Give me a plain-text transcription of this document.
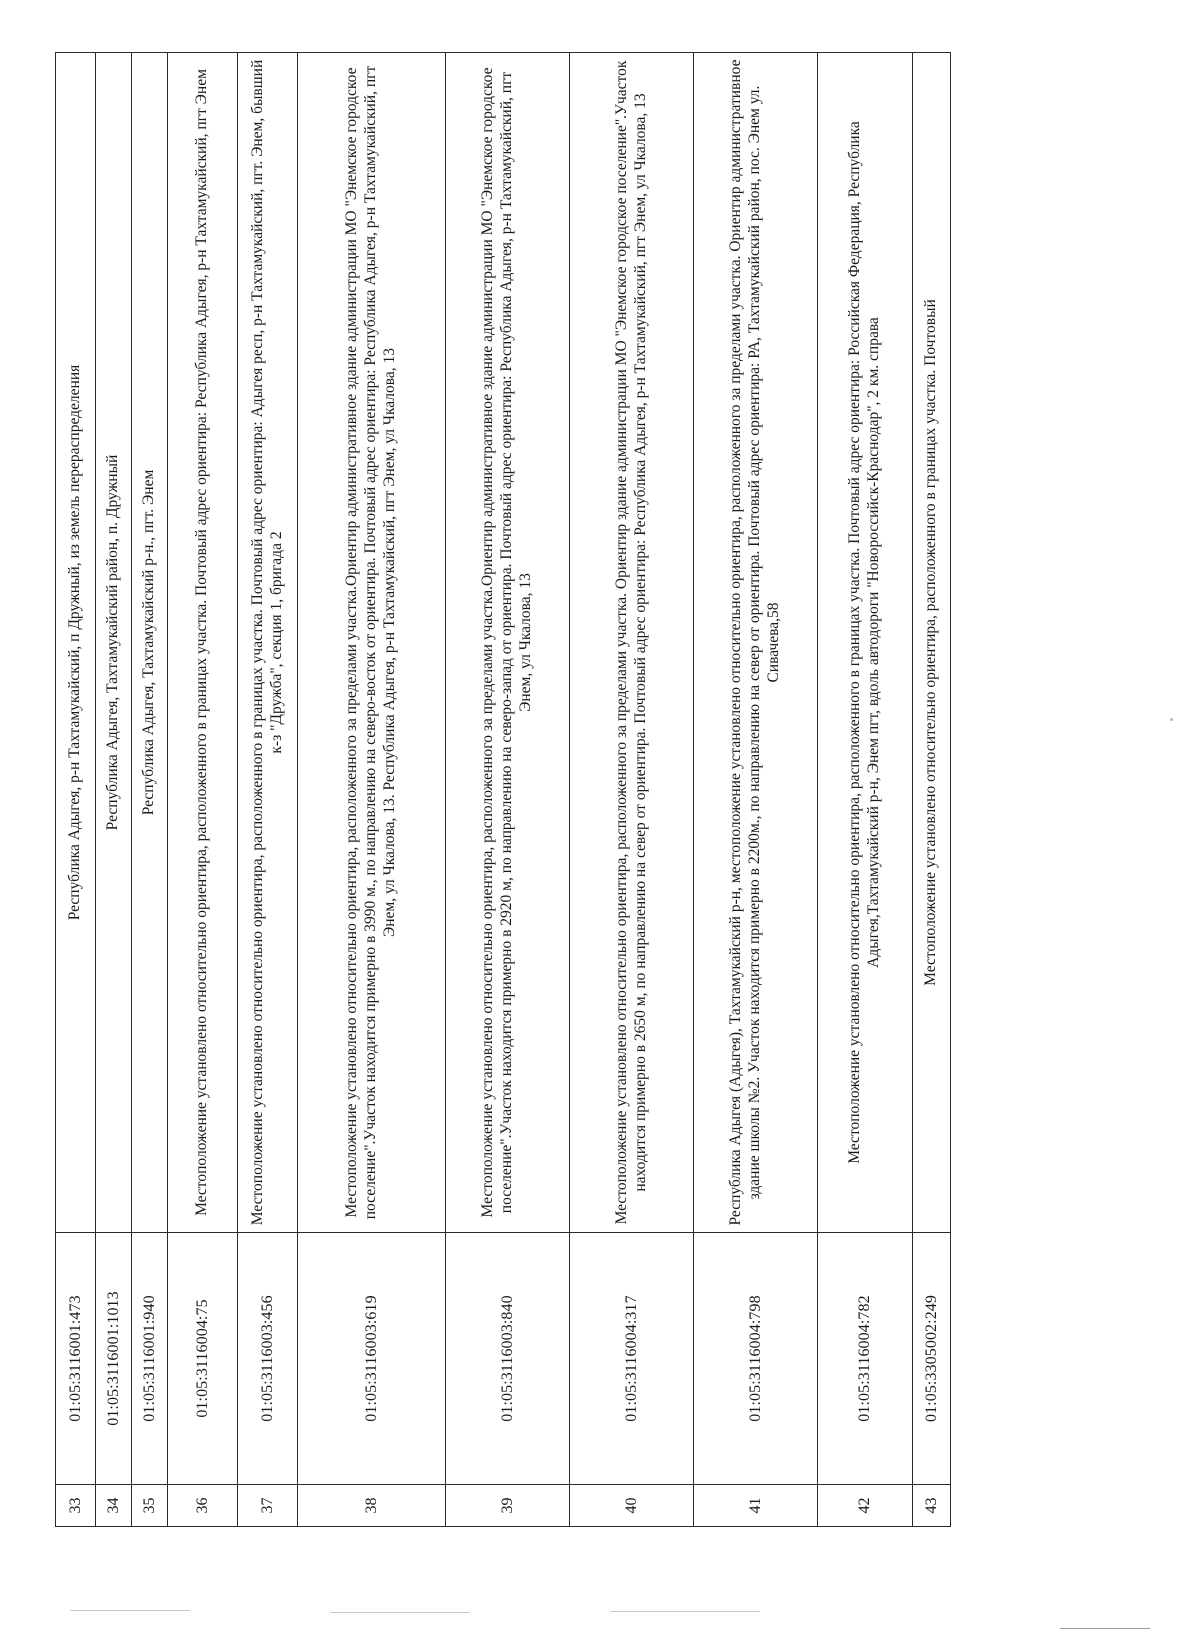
33	01:05:3116001:473	Республика Адыгея, р-н Тахтамукайский, п Дружный, из земель перераспределения
34	01:05:3116001:1013	Республика Адыгея, Тахтамукайский район, п. Дружный
35	01:05:3116001:940	Республика Адыгея, Тахтамукайский р-н., пгт. Энем
36	01:05:3116004:75	Местоположение установлено относительно ориентира, расположенного в границах участка. Почтовый адрес ориентира: Республика Адыгея, р-н Тахтамукайский, пгт Энем
37	01:05:3116003:456	Местоположение установлено относительно ориентира, расположенного в границах участка. Почтовый адрес ориентира: Адыгея респ, р-н Тахтамукайский, пгт. Энем, бывший к-з "Дружба", секция 1, бригада 2
38	01:05:3116003:619	Местоположение установлено относительно ориентира, расположенного за пределами участка.Ориентир административное здание администрации МО "Энемское городское поселение".Участок находится примерно в 3990 м., по направлению на северо-восток от ориентира. Почтовый адрес ориентира: Республика Адыгея, р-н Тахтамукайский, пгт Энем, ул Чкалова, 13. Республика Адыгея, р-н Тахтамукайский, пгт Энем, ул Чкалова, 13
39	01:05:3116003:840	Местоположение установлено относительно ориентира, расположенного за пределами участка.Ориентир административное здание администрации МО "Энемское городское поселение".Участок находится примерно в 2920 м, по направлению на северо-запад от ориентира. Почтовый адрес ориентира: Республика Адыгея, р-н Тахтамукайский, пгт Энем, ул Чкалова, 13
40	01:05:3116004:317	Местоположение установлено относительно ориентира, расположенного за пределами участка. Ориентир здание администрации МО "Энемское городское поселение".Участок находится примерно в 2650 м, по направлению на север от ориентира. Почтовый адрес ориентира: Республика Адыгея, р-н Тахтамукайский, пгт Энем, ул Чкалова, 13
41	01:05:3116004:798	Республика Адыгея (Адыгея), Тахтамукайский р-н, местоположение установлено относительно ориентира, расположенного за пределами участка. Ориентир административное здание школы №2. Участок находится примерно в 2200м., по направлению на север от ориентира. Почтовый адрес ориентира: РА, Тахтамукайский район, пос. Энем ул. Сивачева,58
42	01:05:3116004:782	Местоположение установлено относительно ориентира, расположенного в границах участка. Почтовый адрес ориентира: Российская Федерация, Республика Адыгея,Тахтамукайский р-н, Энем пгт, вдоль автодороги "Новороссийск-Краснодар", 2 км. справа
43	01:05:3305002:249	Местоположение установлено относительно ориентира, расположенного в границах участка. Почтовый
